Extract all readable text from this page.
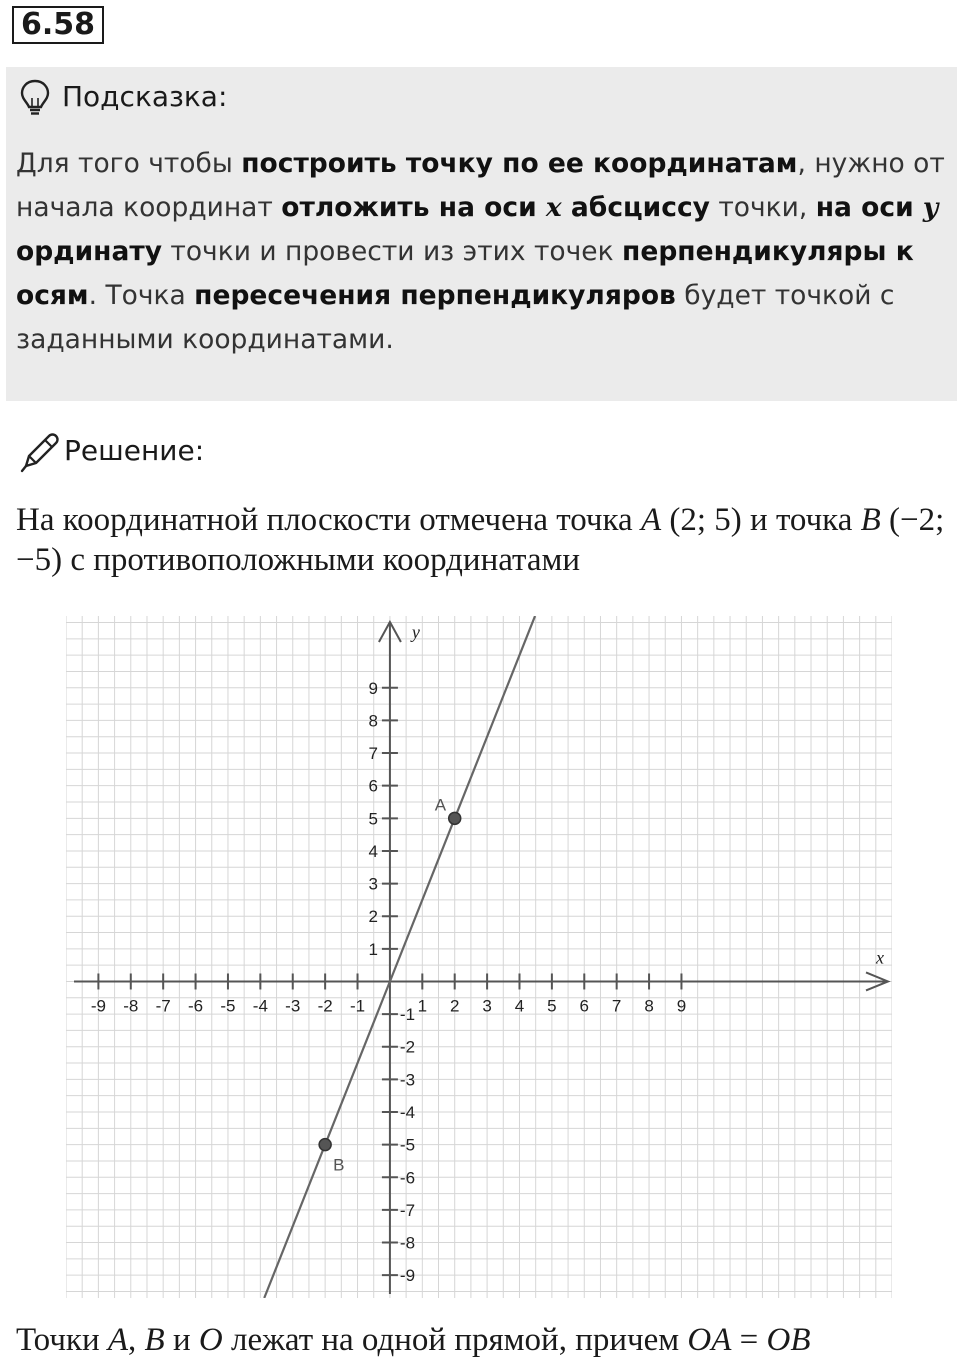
6.58
Подсказка:
Для того чтобы построить точку по ее координатам, нужно от начала координат отложить на оси x абсциссу точки, на оси y ординату точки и провести из этих точек перпендикуляры к осям. Точка пересечения перпендикуляров будет точкой с заданными координатами.
Решение:
На координатной плоскости отмечена точка A (2; 5) и точка B (−2; −5) с противоположными координатами
-9 -8 -7 -6 -5 -4 -3 -2 -1	1 2 3 4 5 6 7 8 9
-9
-8
-7
-6
-5
-4
-3
-2
-1
1
2
3
4
5
6
7
8
9
x
y
A
B
Точки A, B и O лежат на одной прямой, причем OA = OB
